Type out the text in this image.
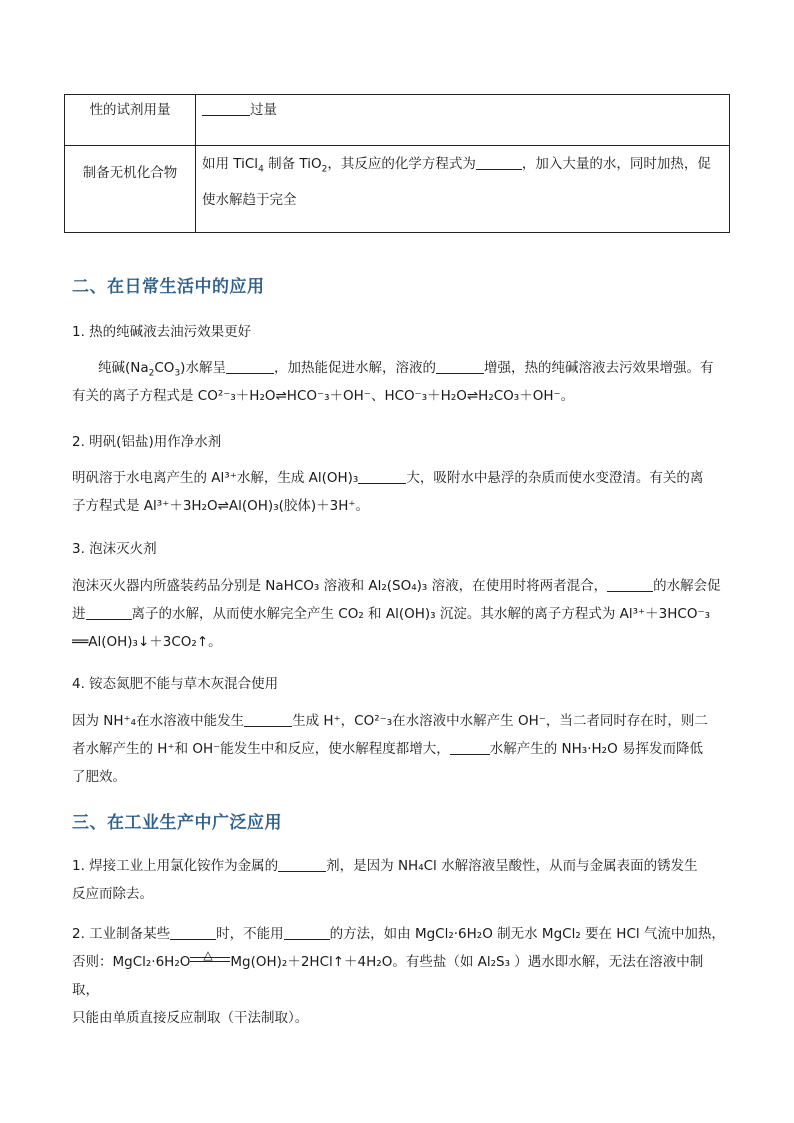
性的试剂用量	过量

制备无机化合物	如用 TiCl$_4$ 制备 TiO$_2$，其反应的化学方程式为 ，加入大量的水，同时加热，促
使水解趋于完全
二、在日常生活中的应用
1. 热的纯碱液去油污效果更好
纯碱$(Na_2CO_3)$水解呈	，加热能促进水解，溶液的	增强，热的纯碱溶液去污效果增强。有
有关的离子方程式是 CO²⁻₃＋H₂O⇌HCO⁻₃＋OH⁻、HCO⁻₃＋H₂O⇌H₂CO₃＋OH⁻。
2. 明矾(铝盐)用作净水剂
明矾溶于水电离产生的 Al³⁺水解，生成 Al(OH)₃	大，吸附水中悬浮的杂质而使水变澄清。有关的离
子方程式是 Al³⁺＋3H₂O⇌Al(OH)₃(胶体)＋3H⁺。
3. 泡沫灭火剂
泡沫灭火器内所盛装药品分别是 NaHCO₃ 溶液和 Al₂(SO₄)₃ 溶液，在使用时将两者混合，	的水解会促
进	离子的水解，从而使水解完全产生 CO₂ 和 Al(OH)₃ 沉淀。其水解的离子方程式为 Al³⁺＋3HCO⁻₃
══Al(OH)₃↓＋3CO₂↑。
4. 铵态氮肥不能与草木灰混合使用
因为 NH⁺₄在水溶液中能发生	生成 H⁺，CO²⁻₃在水溶液中水解产生 OH⁻，当二者同时存在时，则二
者水解产生的 H⁺和 OH⁻能发生中和反应，使水解程度都增大，	水解产生的 NH₃·H₂O 易挥发而降低
了肥效。
三、在工业生产中广泛应用
1. 焊接工业上用氯化铵作为金属的	剂，是因为 NH₄Cl 水解溶液呈酸性，从而与金属表面的锈发生
反应而除去。
2. 工业制备某些	时，不能用	的方法，如由 MgCl₂·6H₂O 制无水 MgCl₂ 要在 HCl 气流中加热，
否则：MgCl₂·6H₂O △ Mg(OH)₂＋2HCl↑＋4H₂O。有些盐（如 Al₂S₃ ）遇水即水解，无法在溶液中制取，
只能由单质直接反应制取（干法制取）。
